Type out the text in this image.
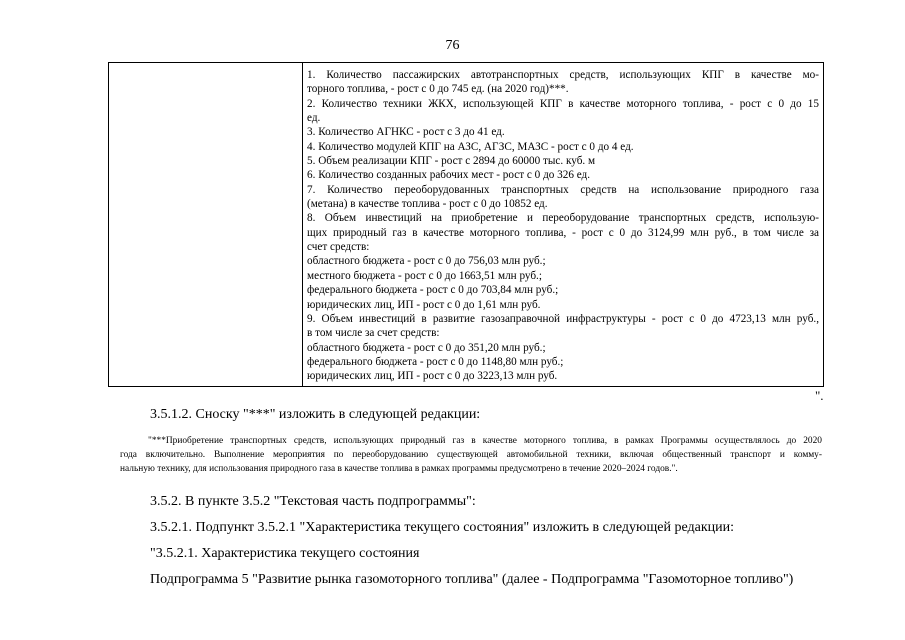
76
1. Количество пассажирских автотранспортных средств, использующих КПГ в качестве мо-
торного топлива, - рост с 0 до 745 ед. (на 2020 год)***.
2. Количество техники ЖКХ, использующей КПГ в качестве моторного топлива, - рост с 0 до 15
ед.
3. Количество АГНКС - рост с 3 до 41 ед.
4. Количество модулей КПГ на АЗС, АГЗС, МАЗС - рост с 0 до 4 ед.
5. Объем реализации КПГ - рост с 2894 до 60000 тыс. куб. м
6. Количество созданных рабочих мест - рост с 0 до 326 ед.
7. Количество переоборудованных транспортных средств на использование природного газа
(метана) в качестве топлива - рост с 0 до 10852 ед.
8. Объем инвестиций на приобретение и переоборудование транспортных средств, использую-
щих природный газ в качестве моторного топлива, - рост с 0 до 3124,99 млн руб., в том числе за
счет средств:
областного бюджета - рост с 0 до 756,03 млн руб.;
местного бюджета - рост с 0 до 1663,51 млн руб.;
федерального бюджета - рост с 0 до 703,84 млн руб.;
юридических лиц, ИП - рост с 0 до 1,61 млн руб.
9. Объем инвестиций в развитие газозаправочной инфраструктуры - рост с 0 до 4723,13 млн руб.,
в том числе за счет средств:
областного бюджета - рост с 0 до 351,20 млн руб.;
федерального бюджета - рост с 0 до 1148,80 млн руб.;
юридических лиц, ИП - рост с 0 до 3223,13 млн руб.
".
3.5.1.2. Сноску "***" изложить в следующей редакции:
"***Приобретение транспортных средств, использующих природный газ в качестве моторного топлива, в рамках Программы осуществлялось до 2020
года включительно. Выполнение мероприятия по переоборудованию существующей автомобильной техники, включая общественный транспорт и комму-
нальную технику, для использования природного газа в качестве топлива в рамках программы предусмотрено в течение 2020–2024 годов.".
3.5.2. В пункте 3.5.2 "Текстовая часть подпрограммы":
3.5.2.1. Подпункт 3.5.2.1 "Характеристика текущего состояния" изложить в следующей редакции:
"3.5.2.1. Характеристика текущего состояния
Подпрограмма 5 "Развитие рынка газомоторного топлива" (далее - Подпрограмма "Газомоторное топливо")
